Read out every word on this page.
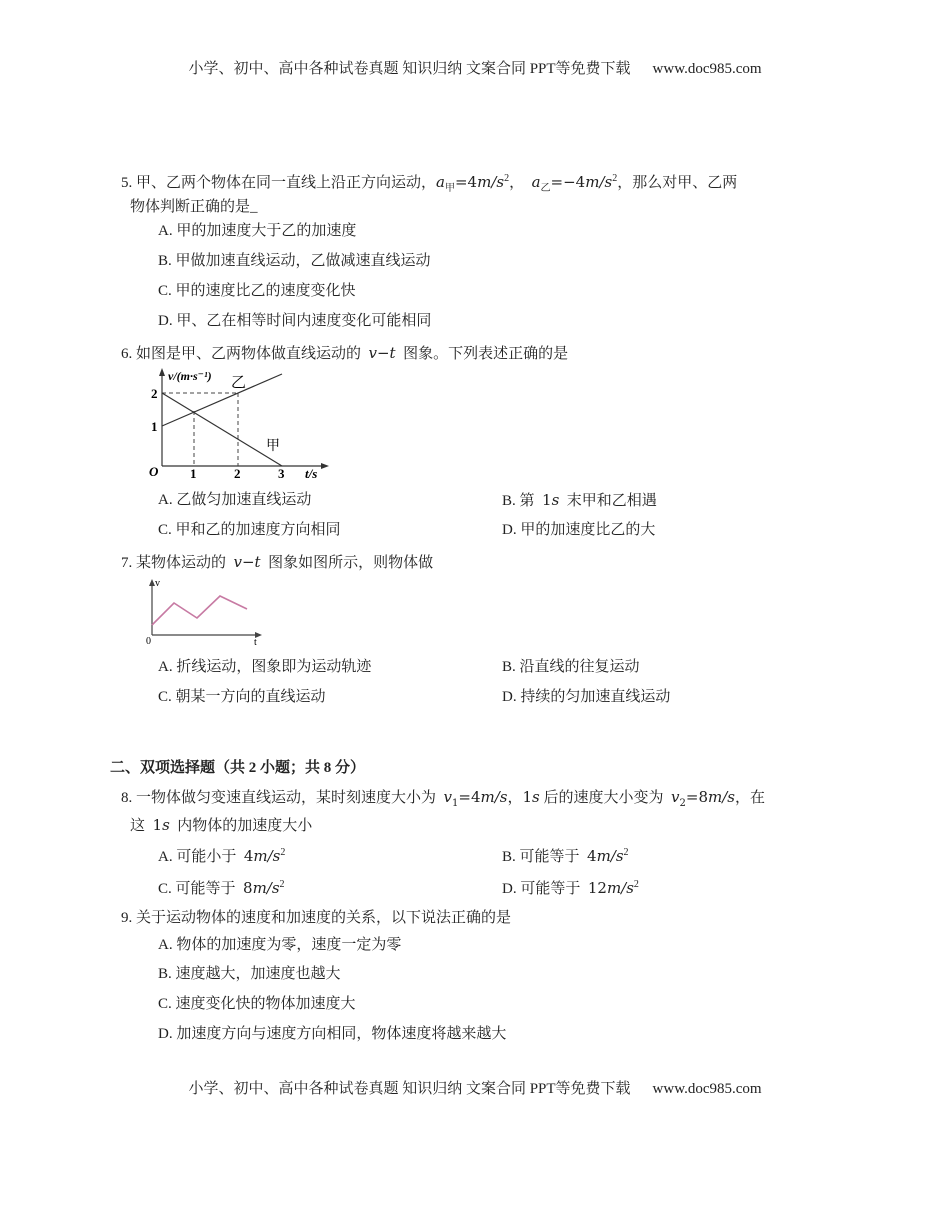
小学、初中、高中各种试卷真题 知识归纳 文案合同 PPT等免费下载 www.doc985.com
5. 甲、乙两个物体在同一直线上沿正方向运动，$a_甲=4m/s^2$， $a_乙=-4m/s^2$，那么对甲、乙两
物体判断正确的是_
A. 甲的加速度大于乙的加速度
B. 甲做加速直线运动，乙做减速直线运动
C. 甲的速度比乙的速度变化快
D. 甲、乙在相等时间内速度变化可能相同
6. 如图是甲、乙两物体做直线运动的 v−t 图象。下列表述正确的是
v/(m·s⁻¹) 乙
甲
O
2
1
1	2	3 t/s
A. 乙做匀加速直线运动	B. 第 1s 末甲和乙相遇
C. 甲和乙的加速度方向相同	D. 甲的加速度比乙的大
7. 某物体运动的 v−t 图象如图所示，则物体做
v
0	t
A. 折线运动，图象即为运动轨迹	B. 沿直线的往复运动
C. 朝某一方向的直线运动	D. 持续的匀加速直线运动
二、双项选择题（共 2 小题；共 8 分）
8. 一物体做匀变速直线运动，某时刻速度大小为 $v_1=4m/s$，1s 后的速度大小变为 $v_2=8m/s$，在
这 1s 内物体的加速度大小
A. 可能小于 $4m/s^2$	B. 可能等于 $4m/s^2$
C. 可能等于 $8m/s^2$	D. 可能等于 $12m/s^2$
9. 关于运动物体的速度和加速度的关系，以下说法正确的是
A. 物体的加速度为零，速度一定为零
B. 速度越大，加速度也越大
C. 速度变化快的物体加速度大
D. 加速度方向与速度方向相同，物体速度将越来越大
小学、初中、高中各种试卷真题 知识归纳 文案合同 PPT等免费下载 www.doc985.com
